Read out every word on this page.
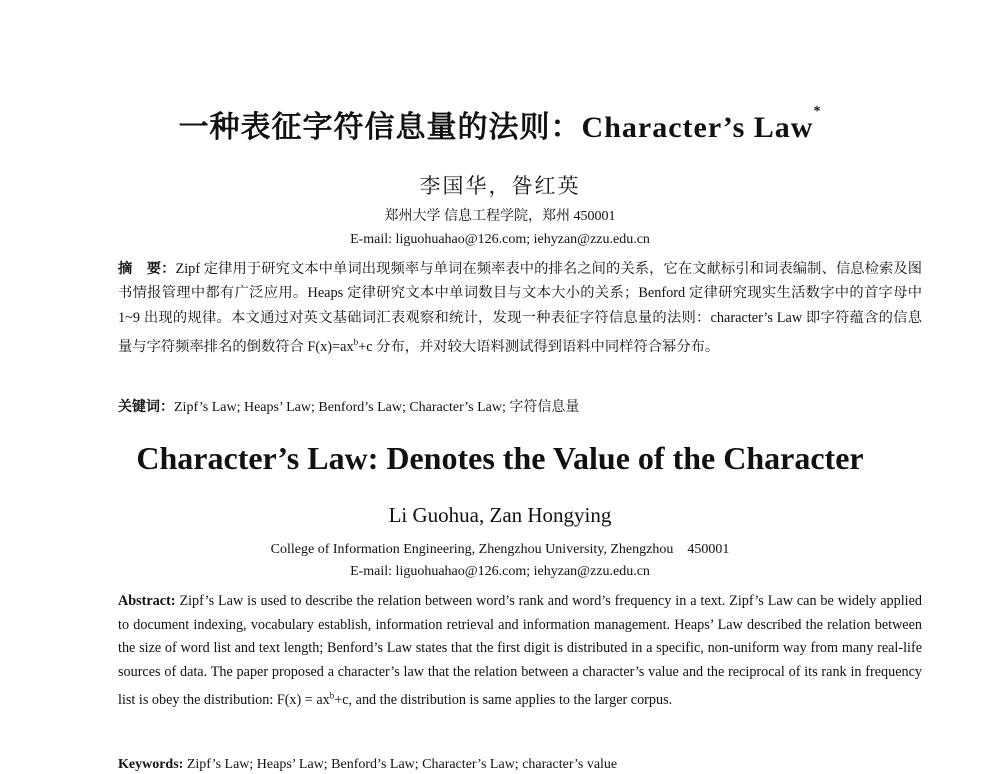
一种表征字符信息量的法则：Character’s Law*
李国华，昝红英
郑州大学 信息工程学院，郑州 450001
E-mail: liguohuahao@126.com; iehyzan@zzu.edu.cn
摘　要：Zipf 定律用于研究文本中单词出现频率与单词在频率表中的排名之间的关系，它在文献标引和词表编制、信息检索及图书情报管理中都有广泛应用。Heaps 定律研究文本中单词数目与文本大小的关系；Benford 定律研究现实生活数字中的首字母中 1~9 出现的规律。本文通过对英文基础词汇表观察和统计，发现一种表征字符信息量的法则：character’s Law 即字符蕴含的信息量与字符频率排名的倒数符合 $F(x)=ax^b+c$ 分布，并对较大语料测试得到语料中同样符合幂分布。
关键词：Zipf’s Law; Heaps’ Law; Benford’s Law; Character’s Law; 字符信息量
Character’s Law: Denotes the Value of the Character
Li Guohua, Zan Hongying
College of Information Engineering, Zhengzhou University, Zhengzhou　450001
E-mail: liguohuahao@126.com; iehyzan@zzu.edu.cn
Abstract: Zipf’s Law is used to describe the relation between word’s rank and word’s frequency in a text. Zipf’s Law can be widely applied to document indexing, vocabulary establish, information retrieval and information management. Heaps’ Law described the relation between the size of word list and text length; Benford’s Law states that the first digit is distributed in a specific, non-uniform way from many real-life sources of data. The paper proposed a character’s law that the relation between a character’s value and the reciprocal of its rank in frequency list is obey the distribution: $F(x) = ax^b+c$, and the distribution is same applies to the larger corpus.
Keywords: Zipf’s Law; Heaps’ Law; Benford’s Law; Character’s Law; character’s value
